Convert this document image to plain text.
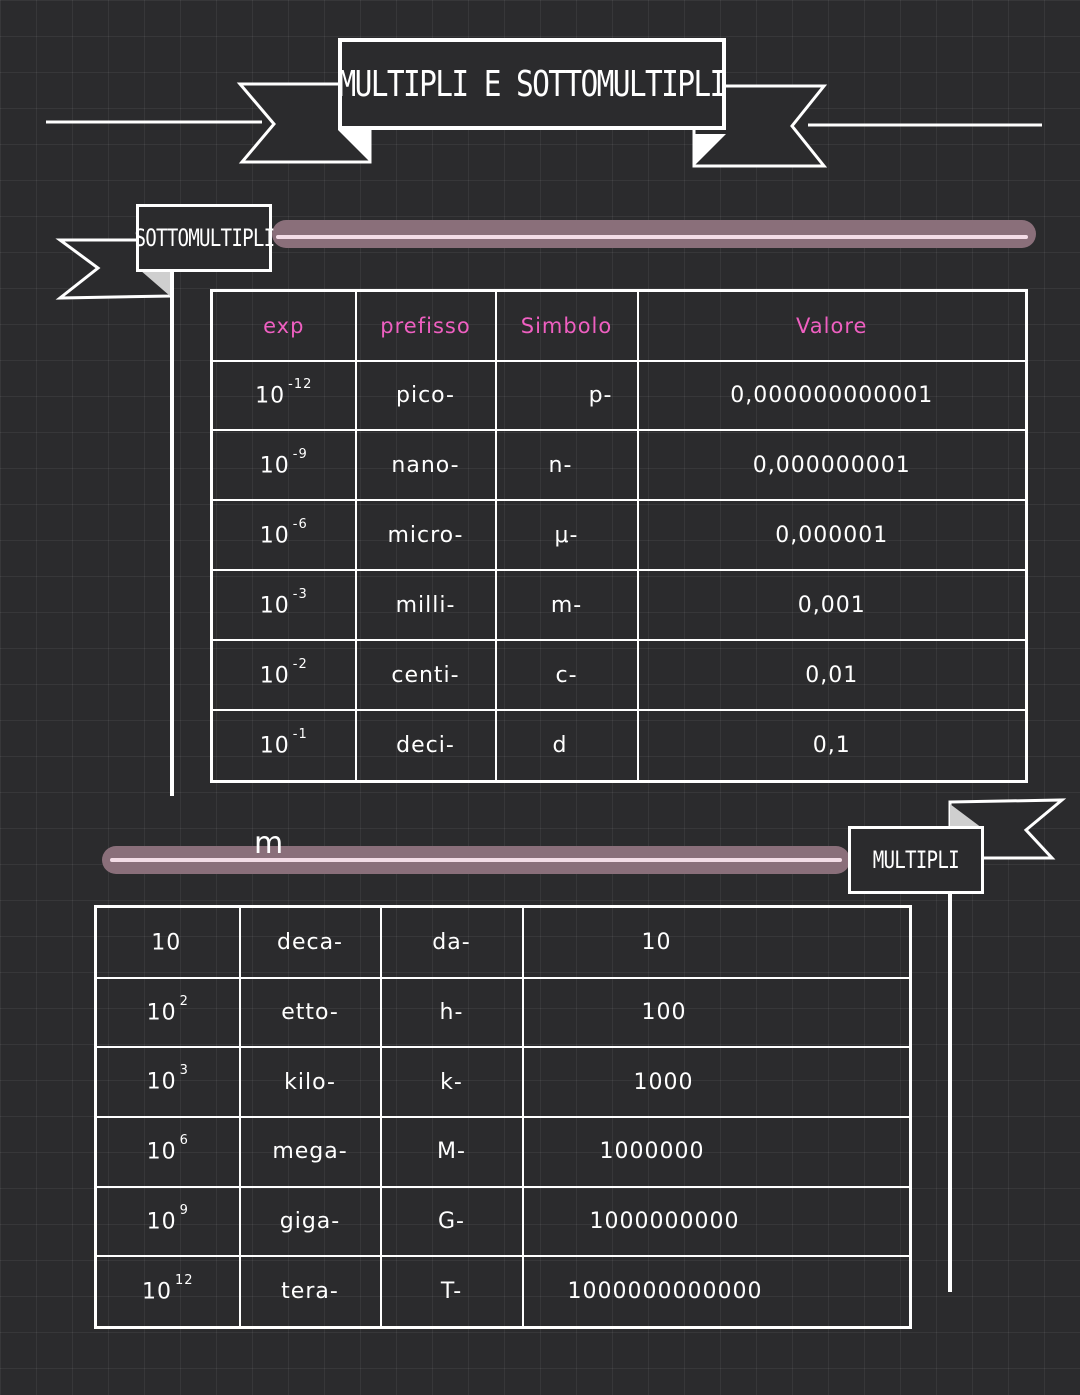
MULTIPLI E SOTTOMULTIPLI
SOTTOMULTIPLI
exp	prefisso	Simbolo	Valore
10 $^{-12}$	pico-	p-	0,000000000001
10 $^{-9}$	nano-	n-	0,000000001
10 $^{-6}$	micro-	μ-	0,000001
10 $^{-3}$	milli-	m-	0,001
10 $^{-2}$	centi-	c-	0,01
10 $^{-1}$	deci-	d	0,1
m	MULTIPLI
10	deca-	da-	10
10 $^2$	etto-	h-	100
10 $^3$	kilo-	k-	1000
10 $^6$	mega-	M-	1000000
10 $^9$	giga-	G-	1000000000
10 $^{12}$	tera-	T-	1000000000000
